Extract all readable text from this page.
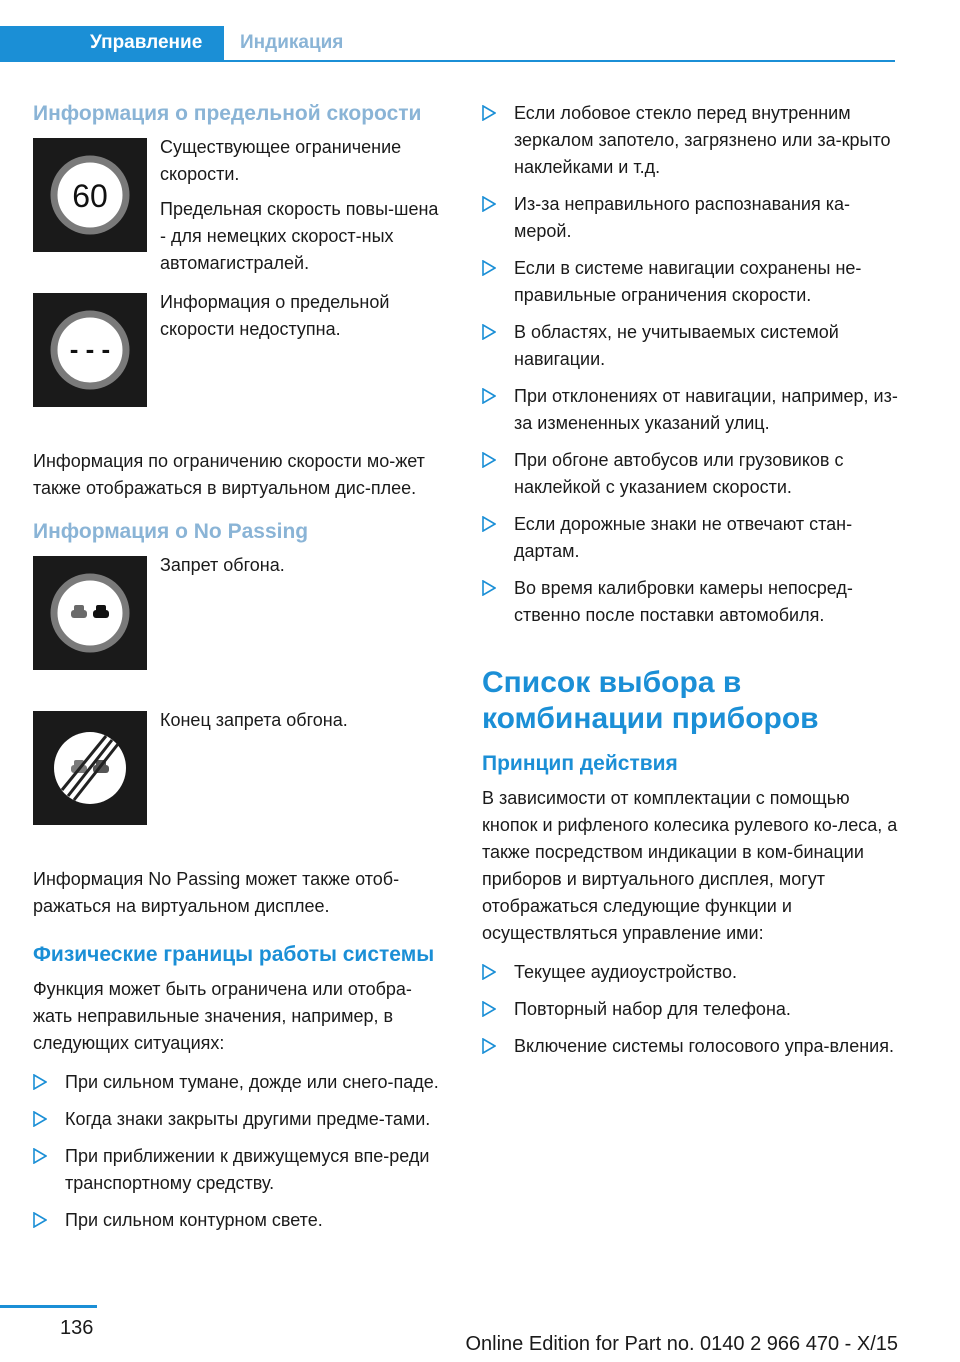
Управление	Индикация
Информация о предельной скорости
60

Существующее ограничение скорости.

Предельная скорость повы-шена - для немецких скорост-ных автомагистралей.

- - -

Информация о предельной скорости недоступна.

Информация по ограничению скорости мо-жет также отображаться в виртуальном дис-плее.

Информация о No Passing

Запрет обгона.

Конец запрета обгона.

Информация No Passing может также отоб-ражаться на виртуальном дисплее.

Физические границы работы системы

Функция может быть ограничена или отобра-жать неправильные значения, например, в следующих ситуациях:

При сильном тумане, дожде или снего-паде.
Когда знаки закрыты другими предме-тами.
При приближении к движущемуся впе-реди транспортному средству.
При сильном контурном свете.
Если лобовое стекло перед внутренним зеркалом запотело, загрязнено или за-крыто наклейками и т.д.
Из-за неправильного распознавания ка-мерой.
Если в системе навигации сохранены не-правильные ограничения скорости.
В областях, не учитываемых системой навигации.
При отклонениях от навигации, например, из-за измененных указаний улиц.
При обгоне автобусов или грузовиков с наклейкой с указанием скорости.
Если дорожные знаки не отвечают стан-дартам.
Во время калибровки камеры непосред-ственно после поставки автомобиля.
Список выбора в комбинации приборов
Принцип действия

В зависимости от комплектации с помощью кнопок и рифленого колесика рулевого ко-леса, а также посредством индикации в ком-бинации приборов и виртуального дисплея, могут отображаться следующие функции и осуществляться управление ими:

Текущее аудиоустройство.
Повторный набор для телефона.
Включение системы голосового упра-вления.
136
Online Edition for Part no. 0140 2 966 470 - X/15
